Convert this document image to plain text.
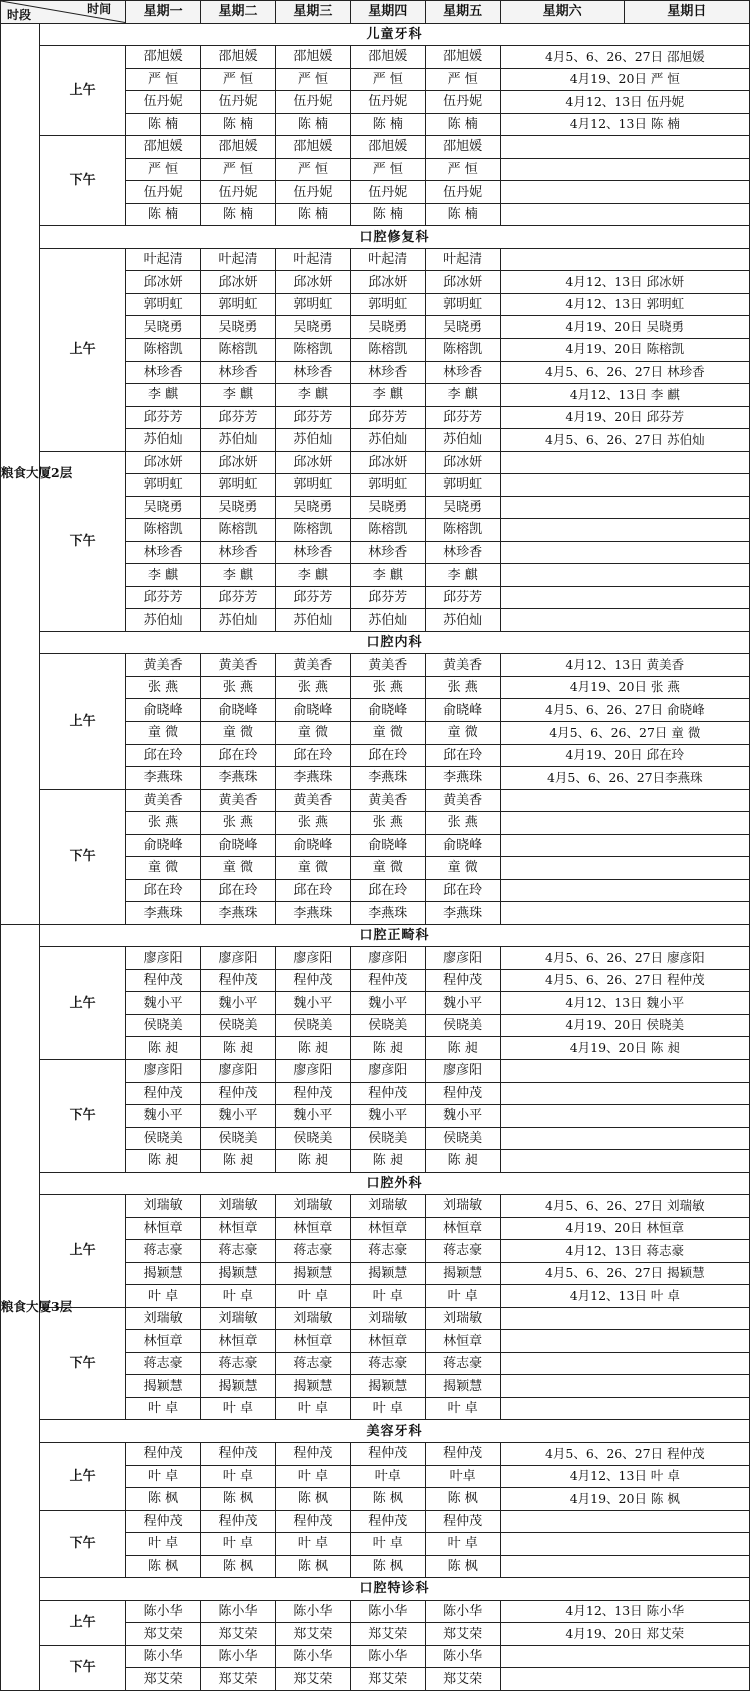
时间
时段		星期一	星期二	星期三	星期四	星期五	星期六	星期日
粮食大厦2层	儿童牙科							
	上午	邵旭媛	邵旭媛	邵旭媛	邵旭媛	邵旭媛	4月5、6、26、27日 邵旭媛	
		严 恒	严 恒	严 恒	严 恒	严 恒	4月19、20日 严 恒	
		伍丹妮	伍丹妮	伍丹妮	伍丹妮	伍丹妮	4月12、13日 伍丹妮	
		陈 楠	陈 楠	陈 楠	陈 楠	陈 楠	4月12、13日 陈 楠	
	下午	邵旭媛	邵旭媛	邵旭媛	邵旭媛	邵旭媛		
		严 恒	严 恒	严 恒	严 恒	严 恒		
		伍丹妮	伍丹妮	伍丹妮	伍丹妮	伍丹妮		
		陈 楠	陈 楠	陈 楠	陈 楠	陈 楠		
	口腔修复科							
	上午	叶起清	叶起清	叶起清	叶起清	叶起清		
		邱冰妍	邱冰妍	邱冰妍	邱冰妍	邱冰妍	4月12、13日 邱冰妍	
		郭明虹	郭明虹	郭明虹	郭明虹	郭明虹	4月12、13日 郭明虹	
		吴晓勇	吴晓勇	吴晓勇	吴晓勇	吴晓勇	4月19、20日 吴晓勇	
		陈榕凯	陈榕凯	陈榕凯	陈榕凯	陈榕凯	4月19、20日 陈榕凯	
		林珍香	林珍香	林珍香	林珍香	林珍香	4月5、6、26、27日 林珍香	
		李 麒	李 麒	李 麒	李 麒	李 麒	4月12、13日 李 麒	
		邱芬芳	邱芬芳	邱芬芳	邱芬芳	邱芬芳	4月19、20日 邱芬芳	
		苏伯灿	苏伯灿	苏伯灿	苏伯灿	苏伯灿	4月5、6、26、27日 苏伯灿	
	下午	邱冰妍	邱冰妍	邱冰妍	邱冰妍	邱冰妍		
		郭明虹	郭明虹	郭明虹	郭明虹	郭明虹		
		吴晓勇	吴晓勇	吴晓勇	吴晓勇	吴晓勇		
		陈榕凯	陈榕凯	陈榕凯	陈榕凯	陈榕凯		
		林珍香	林珍香	林珍香	林珍香	林珍香		
		李 麒	李 麒	李 麒	李 麒	李 麒		
		邱芬芳	邱芬芳	邱芬芳	邱芬芳	邱芬芳		
		苏伯灿	苏伯灿	苏伯灿	苏伯灿	苏伯灿		
	口腔内科							
	上午	黄美香	黄美香	黄美香	黄美香	黄美香	4月12、13日 黄美香	
		张 燕	张 燕	张 燕	张 燕	张 燕	4月19、20日 张 燕	
		俞晓峰	俞晓峰	俞晓峰	俞晓峰	俞晓峰	4月5、6、26、27日 俞晓峰	
		童 微	童 微	童 微	童 微	童 微	4月5、6、26、27日 童 微	
		邱在玲	邱在玲	邱在玲	邱在玲	邱在玲	4月19、20日 邱在玲	
		李燕珠	李燕珠	李燕珠	李燕珠	李燕珠	4月5、6、26、27日李燕珠	
	下午	黄美香	黄美香	黄美香	黄美香	黄美香		
		张 燕	张 燕	张 燕	张 燕	张 燕		
		俞晓峰	俞晓峰	俞晓峰	俞晓峰	俞晓峰		
		童 微	童 微	童 微	童 微	童 微		
		邱在玲	邱在玲	邱在玲	邱在玲	邱在玲		
		李燕珠	李燕珠	李燕珠	李燕珠	李燕珠		
粮食大厦3层	口腔正畸科							
	上午	廖彦阳	廖彦阳	廖彦阳	廖彦阳	廖彦阳	4月5、6、26、27日 廖彦阳	
		程仲茂	程仲茂	程仲茂	程仲茂	程仲茂	4月5、6、26、27日 程仲茂	
		魏小平	魏小平	魏小平	魏小平	魏小平	4月12、13日 魏小平	
		侯晓美	侯晓美	侯晓美	侯晓美	侯晓美	4月19、20日 侯晓美	
		陈 昶	陈 昶	陈 昶	陈 昶	陈 昶	4月19、20日 陈 昶	
	下午	廖彦阳	廖彦阳	廖彦阳	廖彦阳	廖彦阳		
		程仲茂	程仲茂	程仲茂	程仲茂	程仲茂		
		魏小平	魏小平	魏小平	魏小平	魏小平		
		侯晓美	侯晓美	侯晓美	侯晓美	侯晓美		
		陈 昶	陈 昶	陈 昶	陈 昶	陈 昶		
	口腔外科							
	上午	刘瑞敏	刘瑞敏	刘瑞敏	刘瑞敏	刘瑞敏	4月5、6、26、27日 刘瑞敏	
		林恒章	林恒章	林恒章	林恒章	林恒章	4月19、20日 林恒章	
		蒋志豪	蒋志豪	蒋志豪	蒋志豪	蒋志豪	4月12、13日 蒋志豪	
		揭颖慧	揭颖慧	揭颖慧	揭颖慧	揭颖慧	4月5、6、26、27日 揭颖慧	
		叶 卓	叶 卓	叶 卓	叶 卓	叶 卓	4月12、13日 叶 卓	
	下午	刘瑞敏	刘瑞敏	刘瑞敏	刘瑞敏	刘瑞敏		
		林恒章	林恒章	林恒章	林恒章	林恒章		
		蒋志豪	蒋志豪	蒋志豪	蒋志豪	蒋志豪		
		揭颖慧	揭颖慧	揭颖慧	揭颖慧	揭颖慧		
		叶 卓	叶 卓	叶 卓	叶 卓	叶 卓		
	美容牙科							
	上午	程仲茂	程仲茂	程仲茂	程仲茂	程仲茂	4月5、6、26、27日 程仲茂	
		叶 卓	叶 卓	叶 卓	叶卓	叶卓	4月12、13日 叶 卓	
		陈 枫	陈 枫	陈 枫	陈 枫	陈 枫	4月19、20日 陈 枫	
	下午	程仲茂	程仲茂	程仲茂	程仲茂	程仲茂		
		叶 卓	叶 卓	叶 卓	叶 卓	叶 卓		
		陈 枫	陈 枫	陈 枫	陈 枫	陈 枫		
	口腔特诊科							
	上午	陈小华	陈小华	陈小华	陈小华	陈小华	4月12、13日 陈小华	
		郑艾荣	郑艾荣	郑艾荣	郑艾荣	郑艾荣	4月19、20日 郑艾荣	
	下午	陈小华	陈小华	陈小华	陈小华	陈小华		
		郑艾荣	郑艾荣	郑艾荣	郑艾荣	郑艾荣		
